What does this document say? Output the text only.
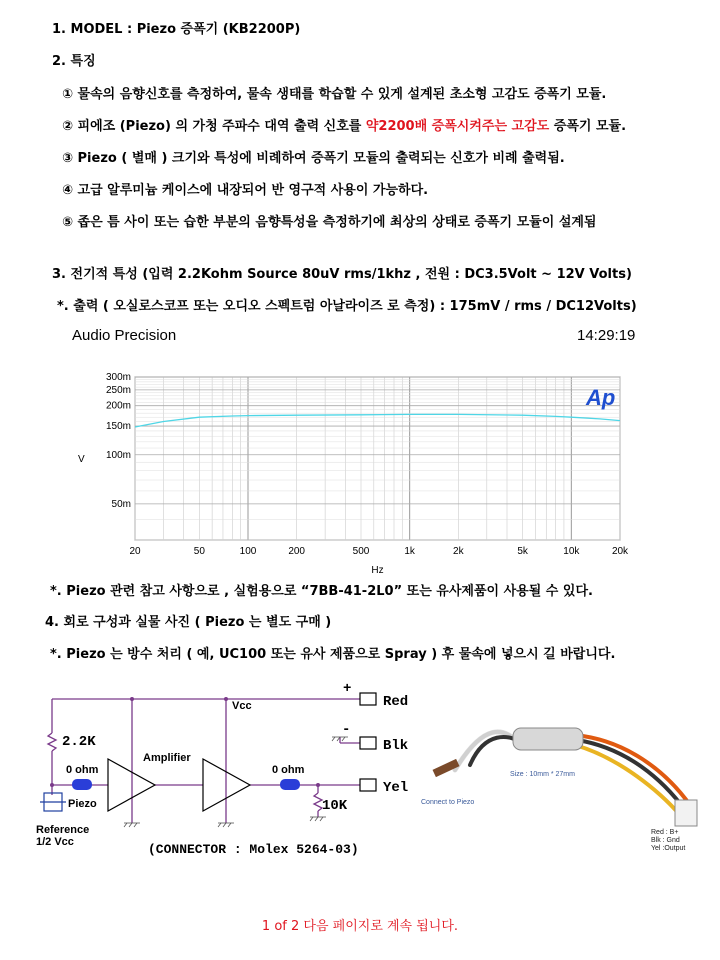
1. MODEL : Piezo 증폭기 (KB2200P)
2. 특징
① 물속의 음향신호를 측정하여, 물속 생태를 학습할 수 있게 설계된 초소형 고감도 증폭기 모듈.
② 피에조 (Piezo) 의 가청 주파수 대역 출력 신호를 약2200배 증폭시켜주는 고감도 증폭기 모듈.
③ Piezo ( 별매 ) 크기와 특성에 비례하여 증폭기 모듈의 출력되는 신호가 비례 출력됨.
④ 고급 알루미늄 케이스에 내장되어 반 영구적 사용이 가능하다.
⑤ 좁은 틈 사이 또는 습한 부분의 음향특성을 측정하기에 최상의 상태로 증폭기 모듈이 설계됨
3. 전기적 특성 (입력 2.2Kohm Source 80uV rms/1khz , 전원 : DC3.5Volt ~ 12V Volts)
*. 출력 ( 오실로스코프 또는 오디오 스펙트럼 아날라이즈 로 측정) : 175mV / rms / DC12Volts)
Audio Precision	14:29:19
300m
250m
200m
150m
100m
50m
20	50	100	200	500	1k	2k	5k	10k	20k
Hz
V
Ap
*. Piezo 관련 참고 사항으로 , 실험용으로 “7BB-41-2L0” 또는 유사제품이 사용될 수 있다.
4. 회로 구성과 실물 사진 ( Piezo 는 별도 구매 )
*. Piezo 는 방수 처리 ( 예, UC100 또는 유사 제품으로 Spray ) 후 물속에 넣으시 길 바랍니다.
Vcc
Amplifier
0 ohm	0 ohm
Piezo
Reference
1/2 Vcc
+
-
Red
Blk
Yel
2.2K
10K
(CONNECTOR : Molex 5264-03)
Size : 10mm * 27mm
Connect to Piezo
Red : B+
Blk : Gnd
Yel :Output
1 of 2 다음 페이지로 계속 됩니다.
